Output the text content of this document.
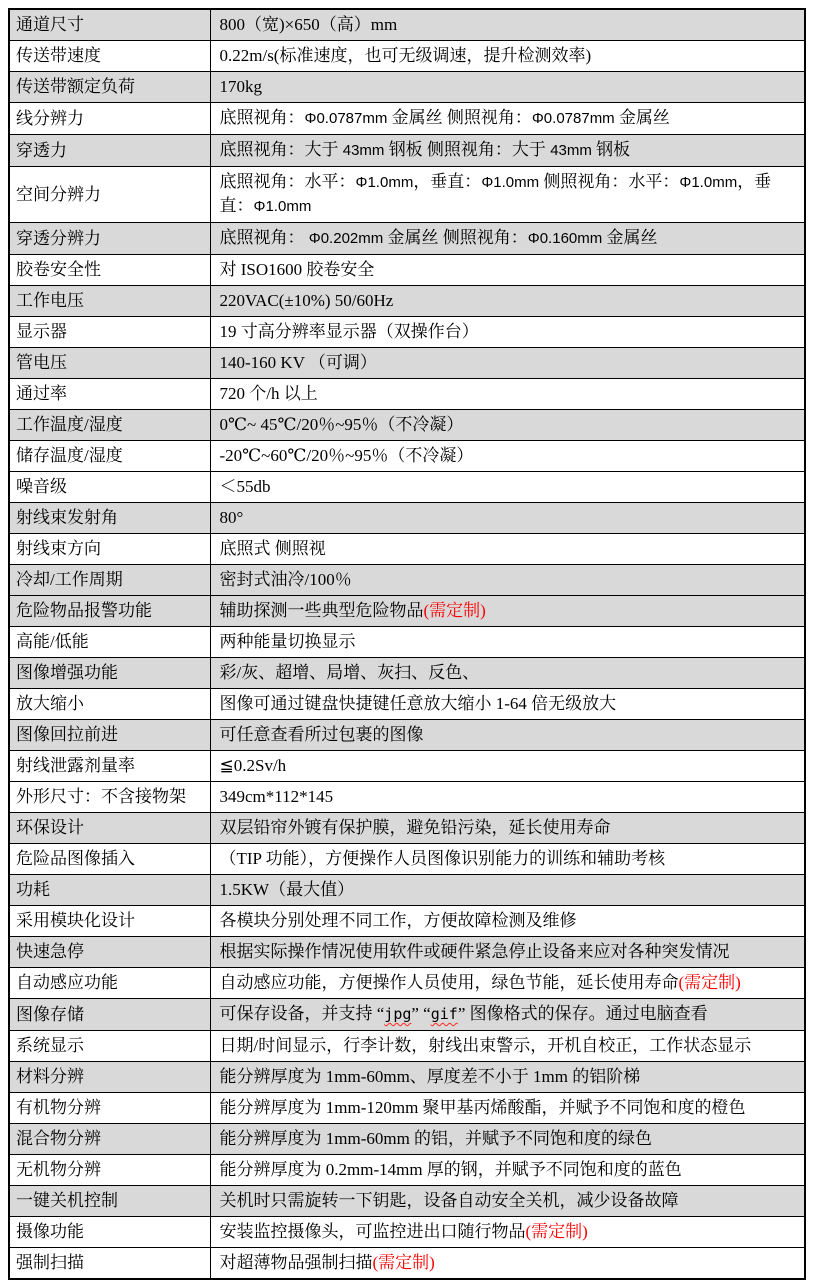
通道尺寸	800（宽)×650（高）mm
传送带速度	0.22m/s(标准速度，也可无级调速，提升检测效率)
传送带额定负荷	170kg
线分辨力	底照视角：Φ0.0787mm 金属丝 侧照视角：Φ0.0787mm 金属丝
穿透力	底照视角：大于 43mm 钢板 侧照视角：大于 43mm 钢板
空间分辨力	底照视角：水平：Φ1.0mm，垂直：Φ1.0mm 侧照视角：水平：Φ1.0mm，垂直：Φ1.0mm
穿透分辨力	底照视角： Φ0.202mm 金属丝 侧照视角：Φ0.160mm 金属丝
胶卷安全性	对 ISO1600 胶卷安全
工作电压	220VAC(±10%) 50/60Hz
显示器	19 寸高分辨率显示器（双操作台）
管电压	140-160 KV （可调）
通过率	720 个/h 以上
工作温度/湿度	0℃~ 45℃/20％~95％（不冷凝）
储存温度/湿度	-20℃~60℃/20％~95％（不冷凝）
噪音级	＜55db
射线束发射角	80°
射线束方向	底照式 侧照视
冷却/工作周期	密封式油冷/100％
危险物品报警功能	辅助探测一些典型危险物品(需定制)
高能/低能	两种能量切换显示
图像增强功能	彩/灰、超增、局增、灰扫、反色、
放大缩小	图像可通过键盘快捷键任意放大缩小 1-64 倍无级放大
图像回拉前进	可任意查看所过包裹的图像
射线泄露剂量率	≦0.2Sv/h
外形尺寸：不含接物架	349cm*112*145
环保设计	双层铅帘外镀有保护膜，避免铅污染，延长使用寿命
危险品图像插入	（TIP 功能），方便操作人员图像识别能力的训练和辅助考核
功耗	1.5KW（最大值）
采用模块化设计	各模块分别处理不同工作，方便故障检测及维修
快速急停	根据实际操作情况使用软件或硬件紧急停止设备来应对各种突发情况
自动感应功能	自动感应功能，方便操作人员使用，绿色节能，延长使用寿命(需定制)
图像存储	可保存设备，并支持 “jpg” “gif” 图像格式的保存。通过电脑查看
系统显示	日期/时间显示，行李计数，射线出束警示，开机自校正，工作状态显示
材料分辨	能分辨厚度为 1mm-60mm、厚度差不小于 1mm 的铝阶梯
有机物分辨	能分辨厚度为 1mm-120mm 聚甲基丙烯酸酯，并赋予不同饱和度的橙色
混合物分辨	能分辨厚度为 1mm-60mm 的铝，并赋予不同饱和度的绿色
无机物分辨	能分辨厚度为 0.2mm-14mm 厚的钢，并赋予不同饱和度的蓝色
一键关机控制	关机时只需旋转一下钥匙，设备自动安全关机，减少设备故障
摄像功能	安装监控摄像头，可监控进出口随行物品(需定制)
强制扫描	对超薄物品强制扫描(需定制)
